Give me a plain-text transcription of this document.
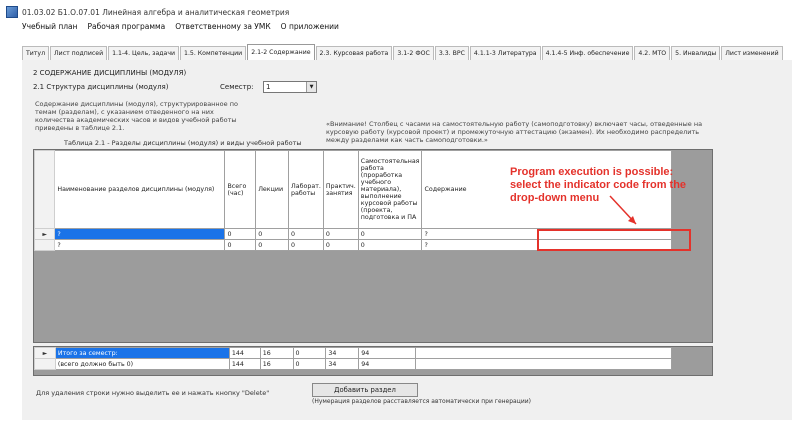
01.03.02 Б1.О.07.01 Линейная алгебра и аналитическая геометрия
Учебный план Рабочая программа Ответственному за УМК О приложении
Титул	Лист подписей	1.1-4. Цель, задачи	1.5. Компетенции	2.1-2 Содержание	2.3. Курсовая работа	3.1-2 ФОС	3.3. ВРС	4.1.1-3 Литература	4.1.4-5 Инф. обеспечение	4.2. МТО	5. Инвалиды	Лист изменений
2 СОДЕРЖАНИЕ ДИСЦИПЛИНЫ (МОДУЛЯ)
2.1 Структура дисциплины (модуля)	Семестр: 1	▼
Содержание дисциплины (модуля), структурированное по темам (разделам), с указанием отведенного на них количества академических часов и видов учебной работы приведены в таблице 2.1.	«Внимание! Столбец с часами на самостоятельную работу (самоподготовку) включает часы, отведенные на курсовую работу (курсовой проект) и промежуточную аттестацию (экзамен). Их необходимо распределить между разделами как часть самоподготовки.»
Таблица 2.1 - Разделы дисциплины (модуля) и виды учебной работы
	Наименование разделов дисциплины (модуля)	Всего (час)	Лекции	Лаборат. работы	Практич. занятия	Самостоятельная работа (проработка учебного материала), выполнение курсовой работы (проекта, подготовка и ПА	Содержание
►	?	0	0	0	0	0	?
	?	0	0	0	0	0	?
►	Итого за семестр:	144	16	0	34	94	
	(всего должно быть 0)	144	16	0	34	94	
Для удаления строки нужно выделить ее и нажать кнопку "Delete"	Добавить раздел
(Нумерация разделов расставляется автоматически при генерации)
Program execution is possible: select the indicator code from the drop-down menu
